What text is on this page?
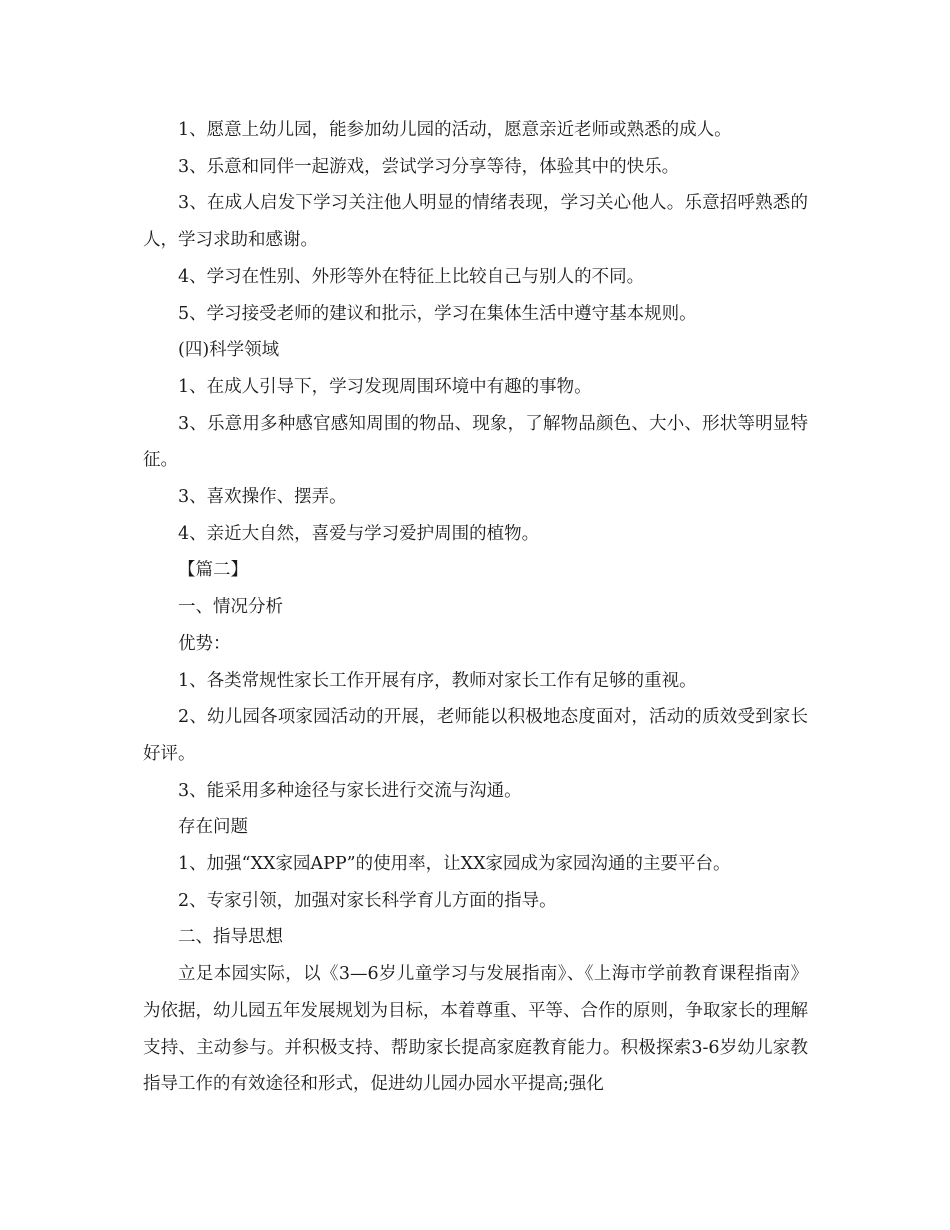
1、愿意上幼儿园，能参加幼儿园的活动，愿意亲近老师或熟悉的成人。

3、乐意和同伴一起游戏，尝试学习分享等待，体验其中的快乐。

3、在成人启发下学习关注他人明显的情绪表现，学习关心他人。乐意招呼熟悉的人，学习求助和感谢。

4、学习在性别、外形等外在特征上比较自己与别人的不同。

5、学习接受老师的建议和批示，学习在集体生活中遵守基本规则。

(四)科学领域

1、在成人引导下，学习发现周围环境中有趣的事物。

3、乐意用多种感官感知周围的物品、现象，了解物品颜色、大小、形状等明显特征。

3、喜欢操作、摆弄。

4、亲近大自然，喜爱与学习爱护周围的植物。

【篇二】

一、情况分析

优势：

1、各类常规性家长工作开展有序，教师对家长工作有足够的重视。

2、幼儿园各项家园活动的开展，老师能以积极地态度面对，活动的质效受到家长好评。

3、能采用多种途径与家长进行交流与沟通。

存在问题

1、加强“XX家园APP”的使用率，让XX家园成为家园沟通的主要平台。

2、专家引领，加强对家长科学育儿方面的指导。

二、指导思想

立足本园实际，以《3—6岁儿童学习与发展指南》、《上海市学前教育课程指南》为依据，幼儿园五年发展规划为目标，本着尊重、平等、合作的原则，争取家长的理解支持、主动参与。并积极支持、帮助家长提高家庭教育能力。积极探索3-6岁幼儿家教指导工作的有效途径和形式，促进幼儿园办园水平提高;强化
